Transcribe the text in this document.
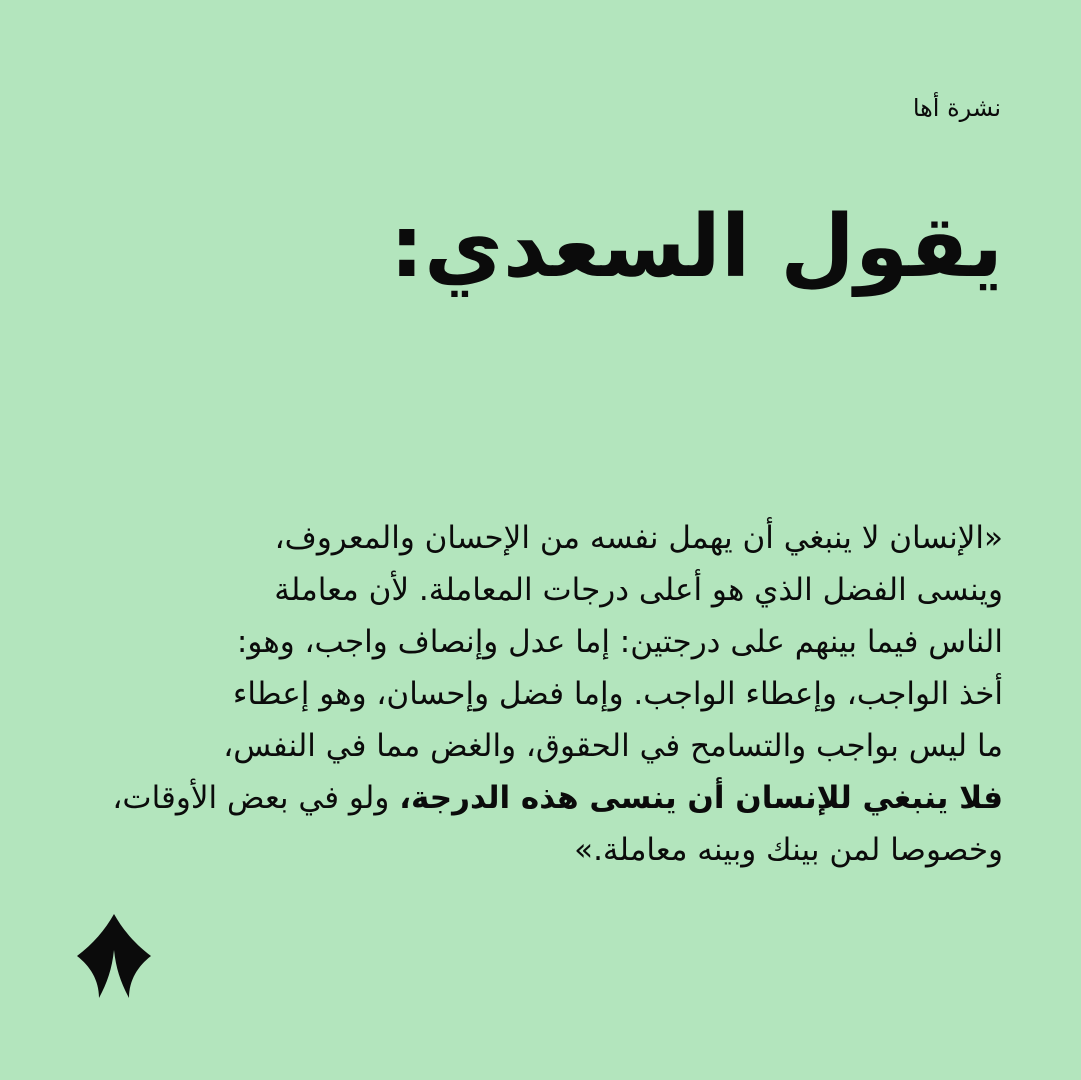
نشرة أها
يقول السعدي:
«الإنسان لا ينبغي أن يهمل نفسه من الإحسان والمعروف،
وينسى الفضل الذي هو أعلى درجات المعاملة. لأن معاملة
الناس فيما بينهم على درجتين: إما عدل وإنصاف واجب، وهو:
أخذ الواجب، وإعطاء الواجب. وإما فضل وإحسان، وهو إعطاء
ما ليس بواجب والتسامح في الحقوق، والغض مما في النفس،
فلا ينبغي للإنسان أن ينسى هذه الدرجة، ولو في بعض الأوقات،
وخصوصا لمن بينك وبينه معاملة.»
